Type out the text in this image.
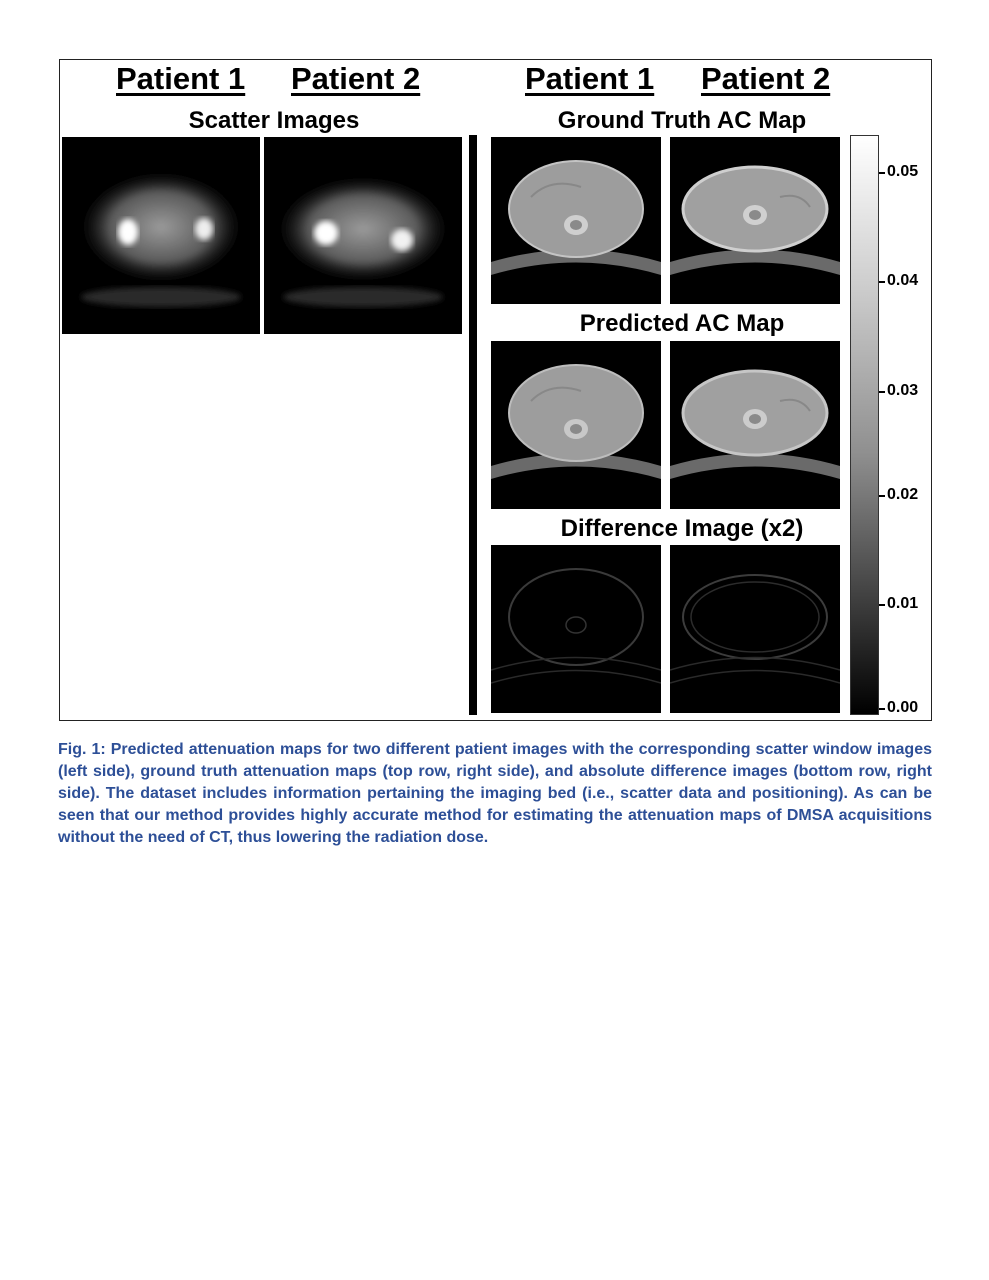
Patient 1 Patient 2
Scatter Images
Patient 1 Patient 2
Ground Truth AC Map
Predicted AC Map
Difference Image (x2)
0.05
0.04
0.03
0.02
0.01
0.00
Fig. 1: Predicted attenuation maps for two different patient images with the corresponding scatter window images (left side), ground truth attenuation maps (top row, right side), and absolute difference images (bottom row, right side). The dataset includes information pertaining the imaging bed (i.e., scatter data and positioning). As can be seen that our method provides highly accurate method for estimating the attenuation maps of DMSA acquisitions without the need of CT, thus lowering the radiation dose.
